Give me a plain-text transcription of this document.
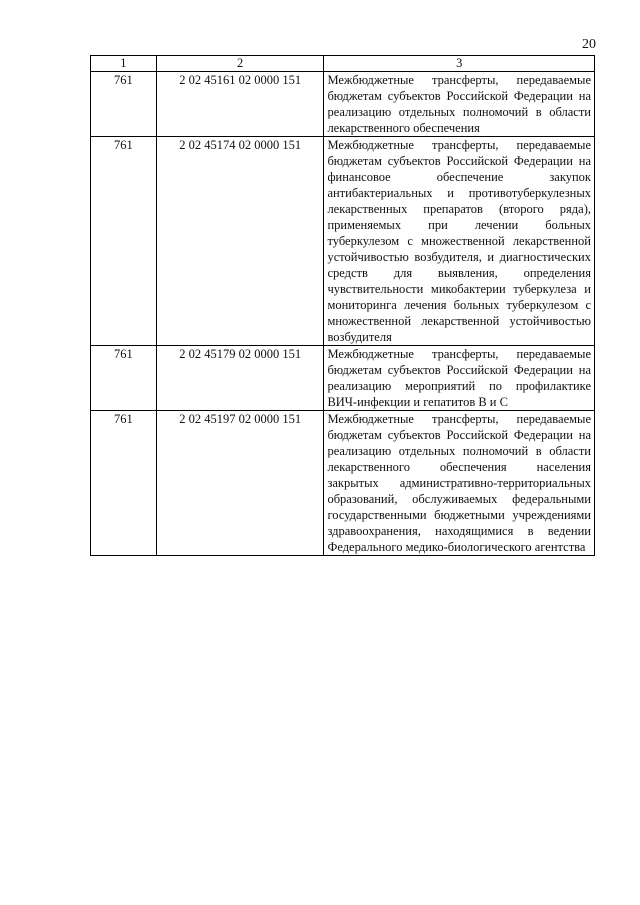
20
1	2	3
761	2 02 45161 02 0000 151	Межбюджетные трансферты, передаваемые бюджетам субъектов Российской Федерации на реализацию отдельных полномочий в области лекарственного обеспечения
761	2 02 45174 02 0000 151	Межбюджетные трансферты, передаваемые бюджетам субъектов Российской Федерации на финансовое обеспечение закупок антибактериальных и противотуберкулезных лекарственных препаратов (второго ряда), применяемых при лечении больных туберкулезом с множественной лекарственной устойчивостью возбудителя, и диагностических средств для выявления, определения чувствительности микобактерии туберкулеза и мониторинга лечения больных туберкулезом с множественной лекарственной устойчивостью возбудителя
761	2 02 45179 02 0000 151	Межбюджетные трансферты, передаваемые бюджетам субъектов Российской Федерации на реализацию мероприятий по профилактике ВИЧ-инфекции и гепатитов B и C
761	2 02 45197 02 0000 151	Межбюджетные трансферты, передаваемые бюджетам субъектов Российской Федерации на реализацию отдельных полномочий в области лекарственного обеспечения населения закрытых административно-территориальных образований, обслуживаемых федеральными государственными бюджетными учреждениями здравоохранения, находящимися в ведении Федерального медико-биологического агентства
